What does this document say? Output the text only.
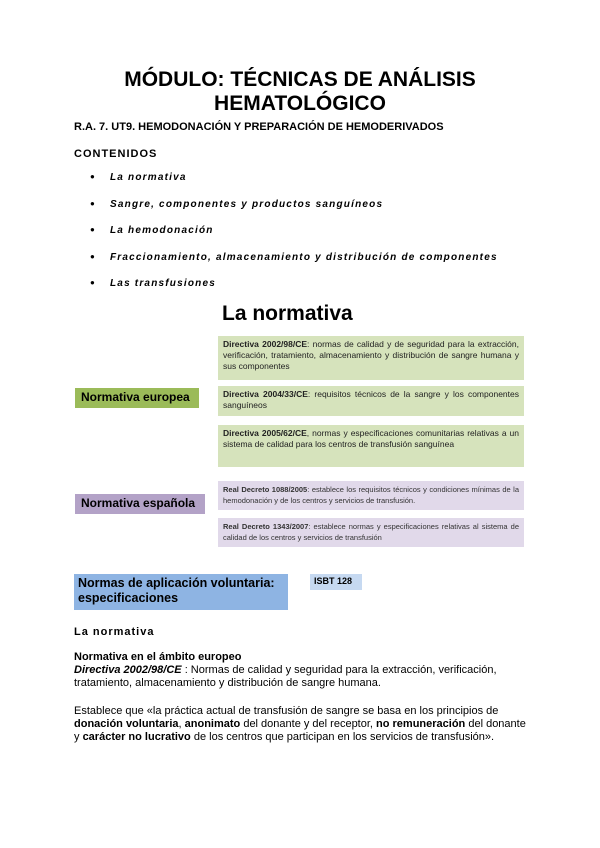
MÓDULO: TÉCNICAS DE ANÁLISIS HEMATOLÓGICO
R.A. 7. UT9. HEMODONACIÓN Y PREPARACIÓN DE HEMODERIVADOS
CONTENIDOS
● La normativa
● Sangre, componentes y productos sanguíneos
● La hemodonación
● Fraccionamiento, almacenamiento y distribución de componentes
● Las transfusiones
La normativa
Directiva 2002/98/CE: normas de calidad y de seguridad para la extracción, verificación, tratamiento, almacenamiento y distribución de sangre humana y sus componentes
Directiva 2004/33/CE: requisitos técnicos de la sangre y los componentes sanguíneos
Directiva 2005/62/CE, normas y especificaciones comunitarias relativas a un sistema de calidad para los centros de transfusión sanguínea
Normativa europea
Real Decreto 1088/2005: establece los requisitos técnicos y condiciones mínimas de la hemodonación y de los centros y servicios de transfusión.
Real Decreto 1343/2007: establece normas y especificaciones relativas al sistema de calidad de los centros y servicios de transfusión
Normativa española
Normas de aplicación voluntaria: especificaciones
ISBT 128
La normativa
Normativa en el ámbito europeo
Directiva 2002/98/CE : Normas de calidad y seguridad para la extracción, verificación, tratamiento, almacenamiento y distribución de sangre humana.
Establece que «la práctica actual de transfusión de sangre se basa en los principios de donación voluntaria, anonimato del donante y del receptor, no remuneración del donante y carácter no lucrativo de los centros que participan en los servicios de transfusión».
